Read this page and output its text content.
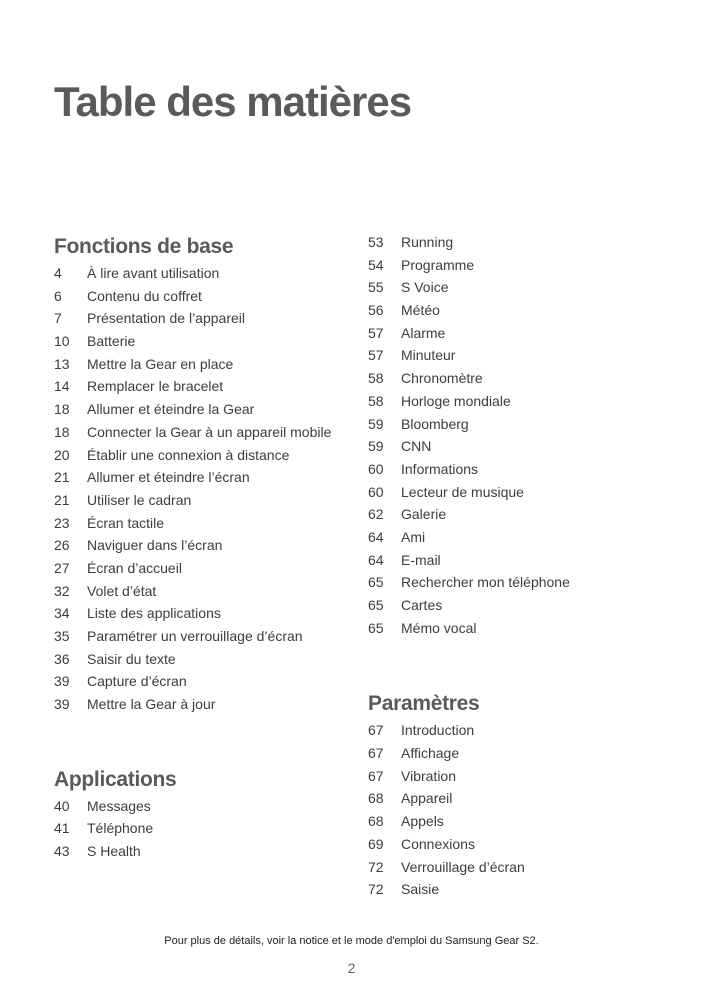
Table des matières
Fonctions de base
4	À lire avant utilisation
6	Contenu du coffret
7	Présentation de l’appareil
10	Batterie
13	Mettre la Gear en place
14	Remplacer le bracelet
18	Allumer et éteindre la Gear
18	Connecter la Gear à un appareil mobile
20	Établir une connexion à distance
21	Allumer et éteindre l’écran
21	Utiliser le cadran
23	Écran tactile
26	Naviguer dans l’écran
27	Écran d’accueil
32	Volet d’état
34	Liste des applications
35	Paramétrer un verrouillage d’écran
36	Saisir du texte
39	Capture d’écran
39	Mettre la Gear à jour
Applications
40	Messages
41	Téléphone
43	S Health
53	Running
54	Programme
55	S Voice
56	Météo
57	Alarme
57	Minuteur
58	Chronomètre
58	Horloge mondiale
59	Bloomberg
59	CNN
60	Informations
60	Lecteur de musique
62	Galerie
64	Ami
64	E-mail
65	Rechercher mon téléphone
65	Cartes
65	Mémo vocal
Paramètres
67	Introduction
67	Affichage
67	Vibration
68	Appareil
68	Appels
69	Connexions
72	Verrouillage d’écran
72	Saisie
Pour plus de détails, voir la notice et le mode d'emploi du Samsung Gear S2.
2
